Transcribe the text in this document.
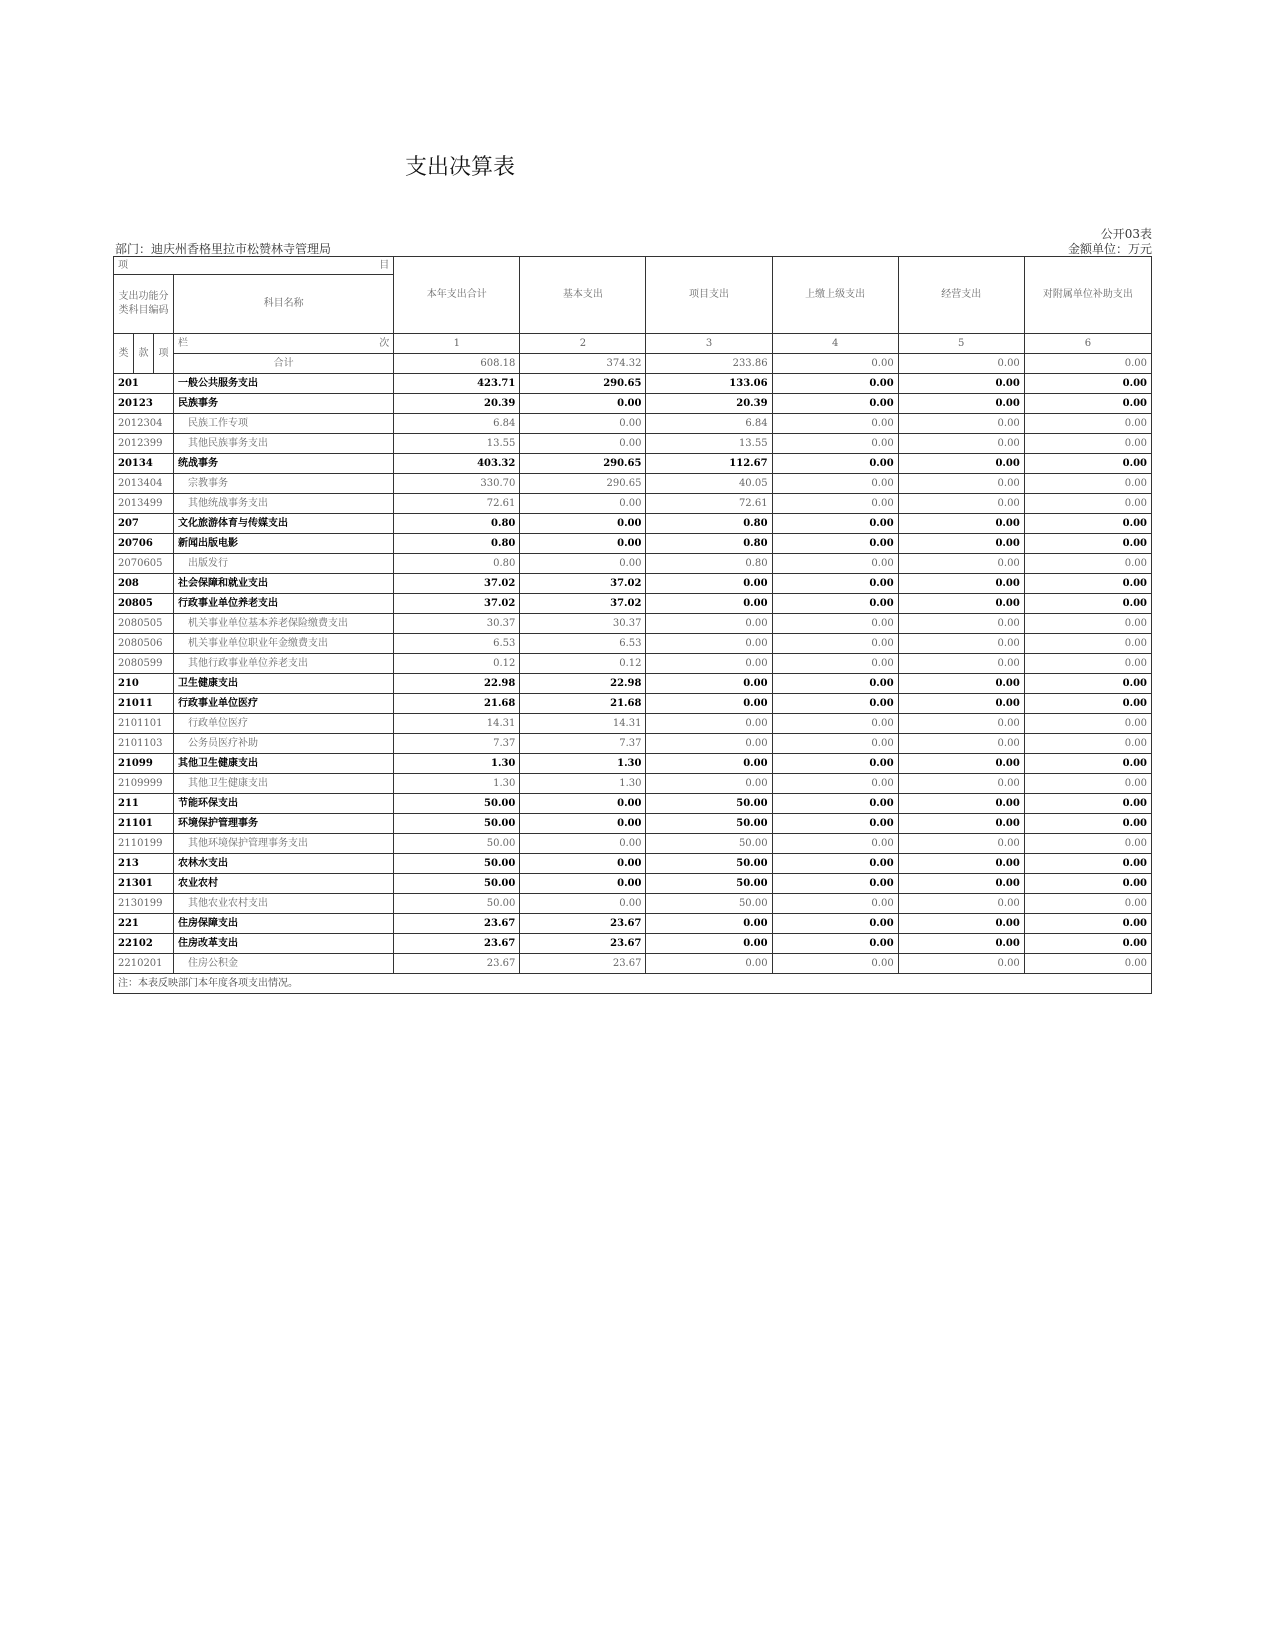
支出决算表
公开03表
部门：迪庆州香格里拉市松赞林寺管理局	金额单位：万元
项 目				本年支出合计	基本支出	项目支出	上缴上级支出	经营支出	对附属单位补助支出
支出功能分类科目编码			科目名称						
类	款	项	栏 次	1	2	3	4	5	6
			合计	608.18	374.32	233.86	0.00	0.00	0.00
201			一般公共服务支出	423.71	290.65	133.06	0.00	0.00	0.00
20123			民族事务	20.39	0.00	20.39	0.00	0.00	0.00
2012304			民族工作专项	6.84	0.00	6.84	0.00	0.00	0.00
2012399			其他民族事务支出	13.55	0.00	13.55	0.00	0.00	0.00
20134			统战事务	403.32	290.65	112.67	0.00	0.00	0.00
2013404			宗教事务	330.70	290.65	40.05	0.00	0.00	0.00
2013499			其他统战事务支出	72.61	0.00	72.61	0.00	0.00	0.00
207			文化旅游体育与传媒支出	0.80	0.00	0.80	0.00	0.00	0.00
20706			新闻出版电影	0.80	0.00	0.80	0.00	0.00	0.00
2070605			出版发行	0.80	0.00	0.80	0.00	0.00	0.00
208			社会保障和就业支出	37.02	37.02	0.00	0.00	0.00	0.00
20805			行政事业单位养老支出	37.02	37.02	0.00	0.00	0.00	0.00
2080505			机关事业单位基本养老保险缴费支出	30.37	30.37	0.00	0.00	0.00	0.00
2080506			机关事业单位职业年金缴费支出	6.53	6.53	0.00	0.00	0.00	0.00
2080599			其他行政事业单位养老支出	0.12	0.12	0.00	0.00	0.00	0.00
210			卫生健康支出	22.98	22.98	0.00	0.00	0.00	0.00
21011			行政事业单位医疗	21.68	21.68	0.00	0.00	0.00	0.00
2101101			行政单位医疗	14.31	14.31	0.00	0.00	0.00	0.00
2101103			公务员医疗补助	7.37	7.37	0.00	0.00	0.00	0.00
21099			其他卫生健康支出	1.30	1.30	0.00	0.00	0.00	0.00
2109999			其他卫生健康支出	1.30	1.30	0.00	0.00	0.00	0.00
211			节能环保支出	50.00	0.00	50.00	0.00	0.00	0.00
21101			环境保护管理事务	50.00	0.00	50.00	0.00	0.00	0.00
2110199			其他环境保护管理事务支出	50.00	0.00	50.00	0.00	0.00	0.00
213			农林水支出	50.00	0.00	50.00	0.00	0.00	0.00
21301			农业农村	50.00	0.00	50.00	0.00	0.00	0.00
2130199			其他农业农村支出	50.00	0.00	50.00	0.00	0.00	0.00
221			住房保障支出	23.67	23.67	0.00	0.00	0.00	0.00
22102			住房改革支出	23.67	23.67	0.00	0.00	0.00	0.00
2210201			住房公积金	23.67	23.67	0.00	0.00	0.00	0.00
注：本表反映部门本年度各项支出情况。									
